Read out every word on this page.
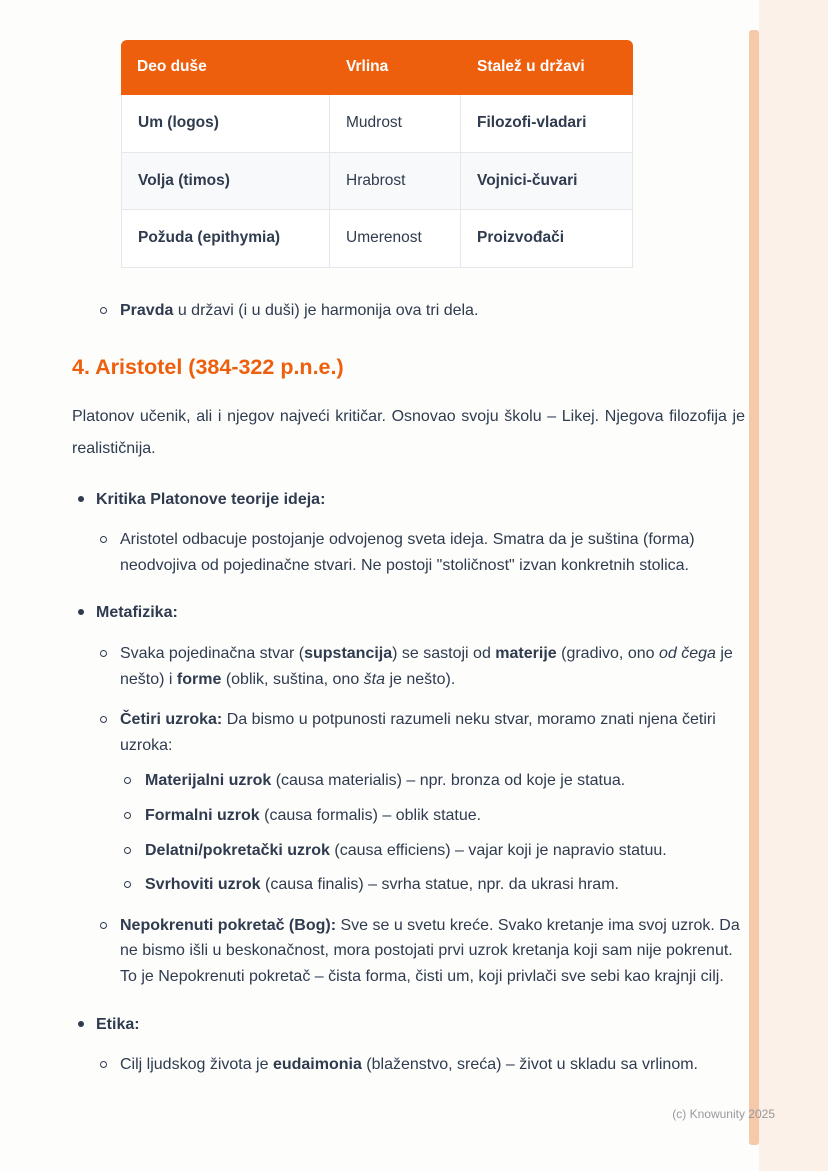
Deo duše	Vrlina	Stalež u državi
Um (logos)	Mudrost	Filozofi-vladari
Volja (timos)	Hrabrost	Vojnici-čuvari
Požuda (epithymia)	Umerenost	Proizvođači
Pravda u državi (i u duši) je harmonija ova tri dela.
4. Aristotel (384-322 p.n.e.)

Platonov učenik, ali i njegov najveći kritičar. Osnovao svoju školu – Likej. Njegova filozofija je realističnija.

Kritika Platonove teorije ideja:
Aristotel odbacuje postojanje odvojenog sveta ideja. Smatra da je suština (forma) neodvojiva od pojedinačne stvari. Ne postoji "stoličnost" izvan konkretnih stolica.
Metafizika:
Svaka pojedinačna stvar (supstancija) se sastoji od materije (gradivo, ono od čega je nešto) i forme (oblik, suština, ono šta je nešto).
Četiri uzroka: Da bismo u potpunosti razumeli neku stvar, moramo znati njena četiri uzroka:
Materijalni uzrok (causa materialis) – npr. bronza od koje je statua.
Formalni uzrok (causa formalis) – oblik statue.
Delatni/pokretački uzrok (causa efficiens) – vajar koji je napravio statuu.
Svrhoviti uzrok (causa finalis) – svrha statue, npr. da ukrasi hram.
Nepokrenuti pokretač (Bog): Sve se u svetu kreće. Svako kretanje ima svoj uzrok. Da ne bismo išli u beskonačnost, mora postojati prvi uzrok kretanja koji sam nije pokrenut. To je Nepokrenuti pokretač – čista forma, čisti um, koji privlači sve sebi kao krajnji cilj.
Etika:
Cilj ljudskog života je eudaimonia (blaženstvo, sreća) – život u skladu sa vrlinom.
(c) Knowunity 2025
